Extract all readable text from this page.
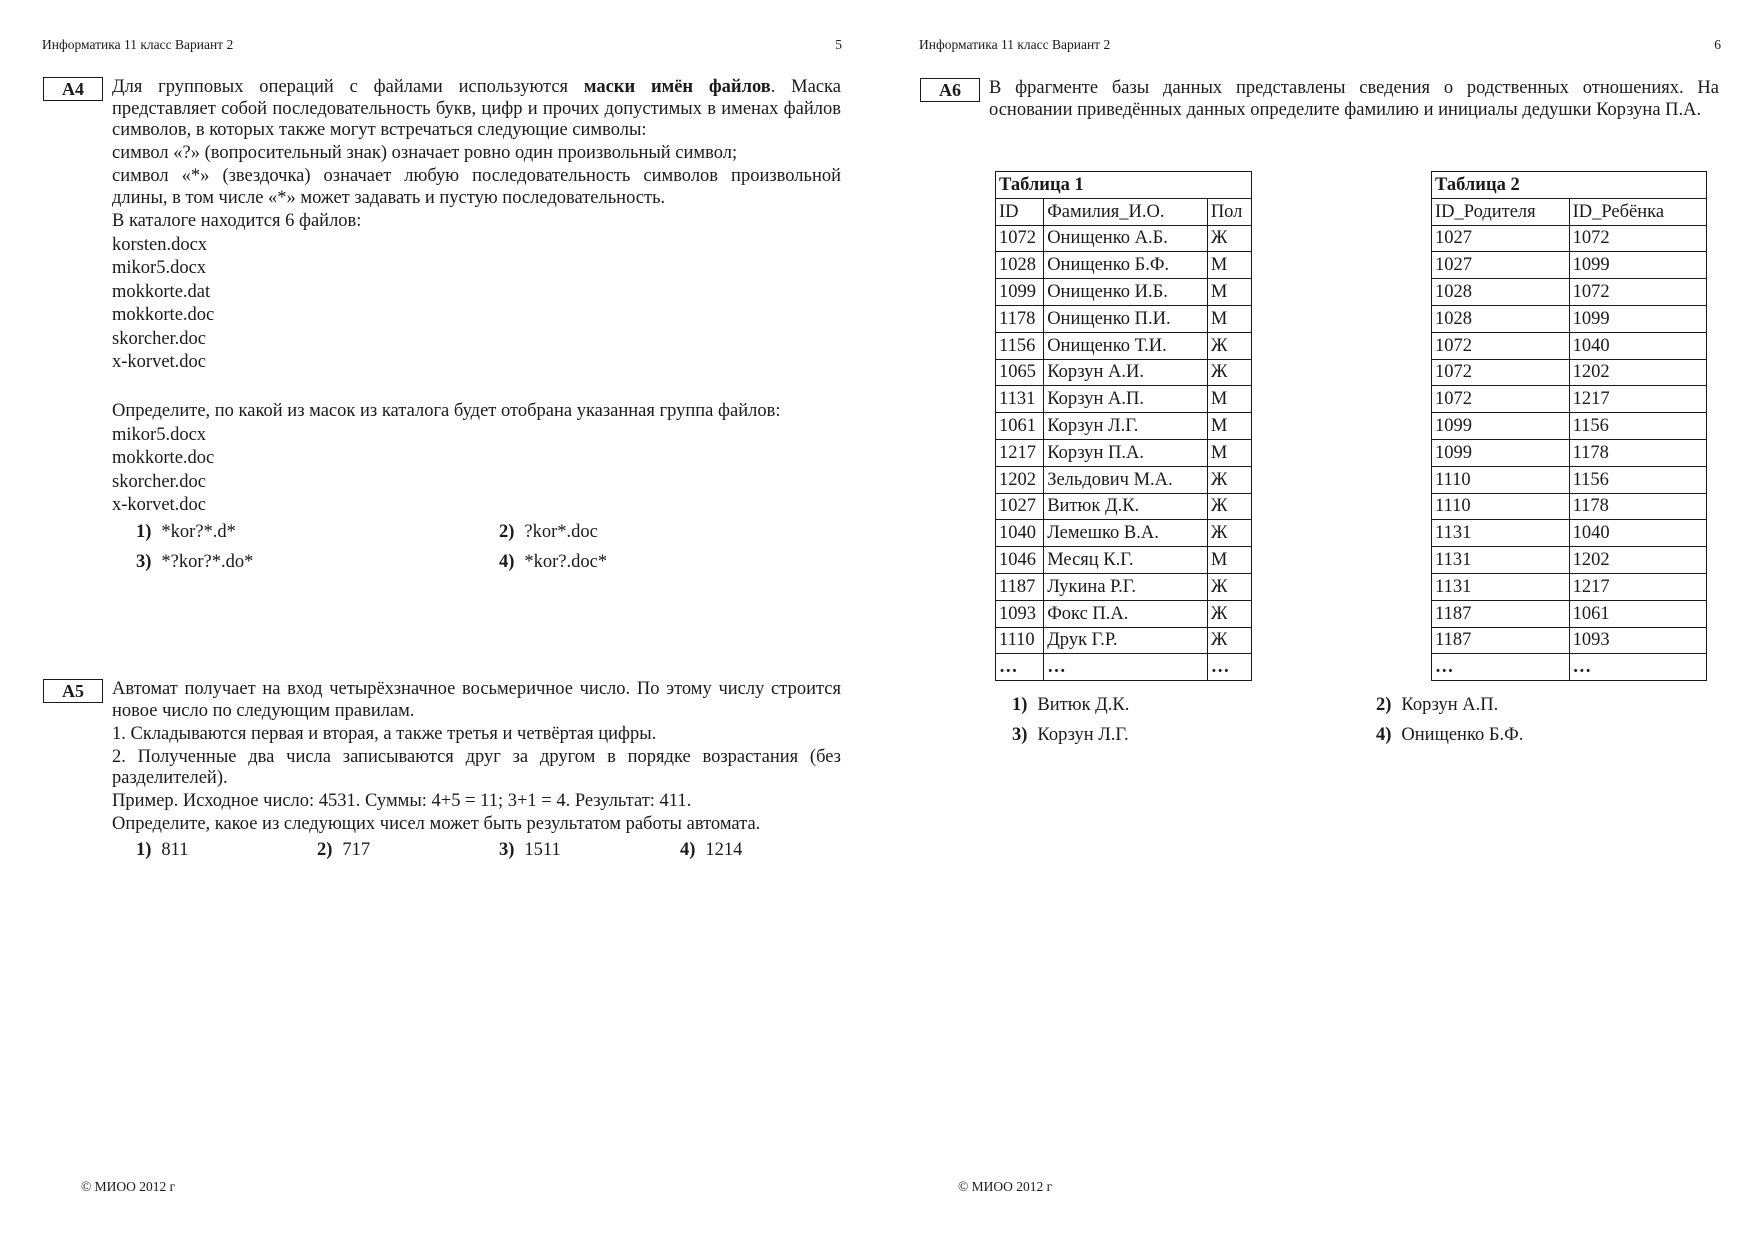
Информатика 11 класс Вариант 2	5
А4	Для групповых операций с файлами используются маски имён файлов. Маска представляет собой последовательность букв, цифр и прочих допустимых в именах файлов символов, в которых также могут встречаться следующие символы:

символ «?» (вопросительный знак) означает ровно один произвольный символ;

символ «*» (звездочка) означает любую последовательность символов произвольной длины, в том числе «*» может задавать и пустую последовательность.

В каталоге находится 6 файлов:

korsten.docx

mikor5.docx

mokkorte.dat

mokkorte.doc

skorcher.doc

x-korvet.doc

Определите, по какой из масок из каталога будет отобрана указанная группа файлов:

mikor5.docx

mokkorte.doc

skorcher.doc

x-korvet.doc

1) *kor?*.d*	2) ?kor*.doc
3) *?kor?*.do*	4) *kor?.doc*
А5	Автомат получает на вход четырёхзначное восьмеричное число. По этому числу строится новое число по следующим правилам.

1. Складываются первая и вторая, а также третья и четвёртая цифры.

2. Полученные два числа записываются друг за другом в порядке возрастания (без разделителей).

Пример. Исходное число: 4531. Суммы: 4+5 = 11; 3+1 = 4. Результат: 411.

Определите, какое из следующих чисел может быть результатом работы автомата.

1) 811	2) 717	3) 1511	4) 1214
© МИОО 2012 г
Информатика 11 класс Вариант 2	6
А6	В фрагменте базы данных представлены сведения о родственных отношениях. На основании приведённых данных определите фамилию и инициалы дедушки Корзуна П.А.

Таблица 1		
ID	Фамилия_И.О.	Пол
1072	Онищенко А.Б.	Ж
1028	Онищенко Б.Ф.	М
1099	Онищенко И.Б.	М
1178	Онищенко П.И.	М
1156	Онищенко Т.И.	Ж
1065	Корзун А.И.	Ж
1131	Корзун А.П.	М
1061	Корзун Л.Г.	М
1217	Корзун П.А.	М
1202	Зельдович М.А.	Ж
1027	Витюк Д.К.	Ж
1040	Лемешко В.А.	Ж
1046	Месяц К.Г.	М
1187	Лукина Р.Г.	Ж
1093	Фокс П.А.	Ж
1110	Друк Г.Р.	Ж
…	…	…
Таблица 2	
ID_Родителя	ID_Ребёнка
1027	1072
1027	1099
1028	1072
1028	1099
1072	1040
1072	1202
1072	1217
1099	1156
1099	1178
1110	1156
1110	1178
1131	1040
1131	1202
1131	1217
1187	1061
1187	1093
…	…
1) Витюк Д.К.	2) Корзун А.П.
3) Корзун Л.Г.	4) Онищенко Б.Ф.
© МИОО 2012 г
